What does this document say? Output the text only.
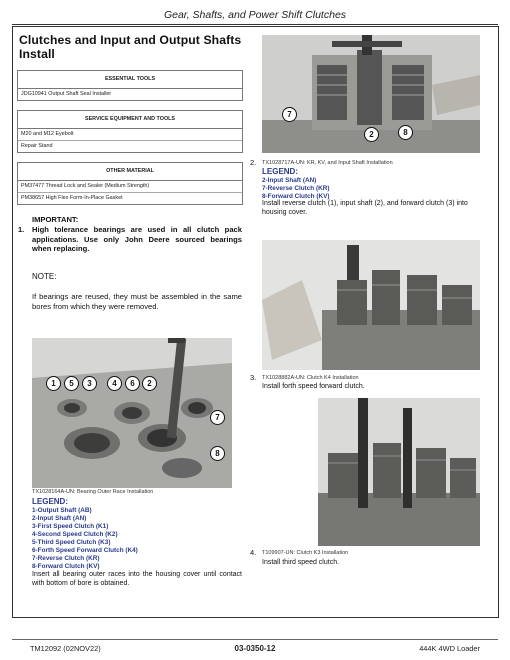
Gear, Shafts, and Power Shift Clutches
Clutches and Input and Output Shafts
Install
ESSENTIAL TOOLS
JDG10941 Output Shaft Seal Installer
SERVICE EQUIPMENT AND TOOLS
M20 and M12 Eyebolt
Repair Stand
OTHER MATERIAL
PM37477 Thread Lock and Sealer (Medium Strength)
PM38657 High Flex Form-In-Place Gasket
IMPORTANT:
1. High tolerance bearings are used in all clutch pack applications. Use only John Deere sourced bearings when replacing.
NOTE:
If bearings are reused, they must be assembled in the same bores from which they were removed.
1	5	3	4	6	2
7
8
TX1028164A-UN: Bearing Outer Race Installation
LEGEND:
1-Output Shaft (AB)
2-Input Shaft (AN)
3-First Speed Clutch (K1)
4-Second Speed Clutch (K2)
5-Third Speed Clutch (K3)
6-Forth Speed Forward Clutch (K4)
7-Reverse Clutch (KR)
8-Forward Clutch (KV)
Insert all bearing outer races into the housing cover until contact with bottom of bore is obtained.
7
2	8
2. TX1028717A-UN: KR, KV, and Input Shaft Installation
LEGEND:
2-Input Shaft (AN)
7-Reverse Clutch (KR)
8-Forward Clutch (KV)
Install reverse clutch (1), input shaft (2), and forward clutch (3) into housing cover.
3. TX1028882A-UN: Clutch K4 Installation
Install forth speed forward clutch.
4. T109907-UN: Clutch K3 Installation
Install third speed clutch.
TM12092 (02NOV22)	03-0350-12	444K 4WD Loader
